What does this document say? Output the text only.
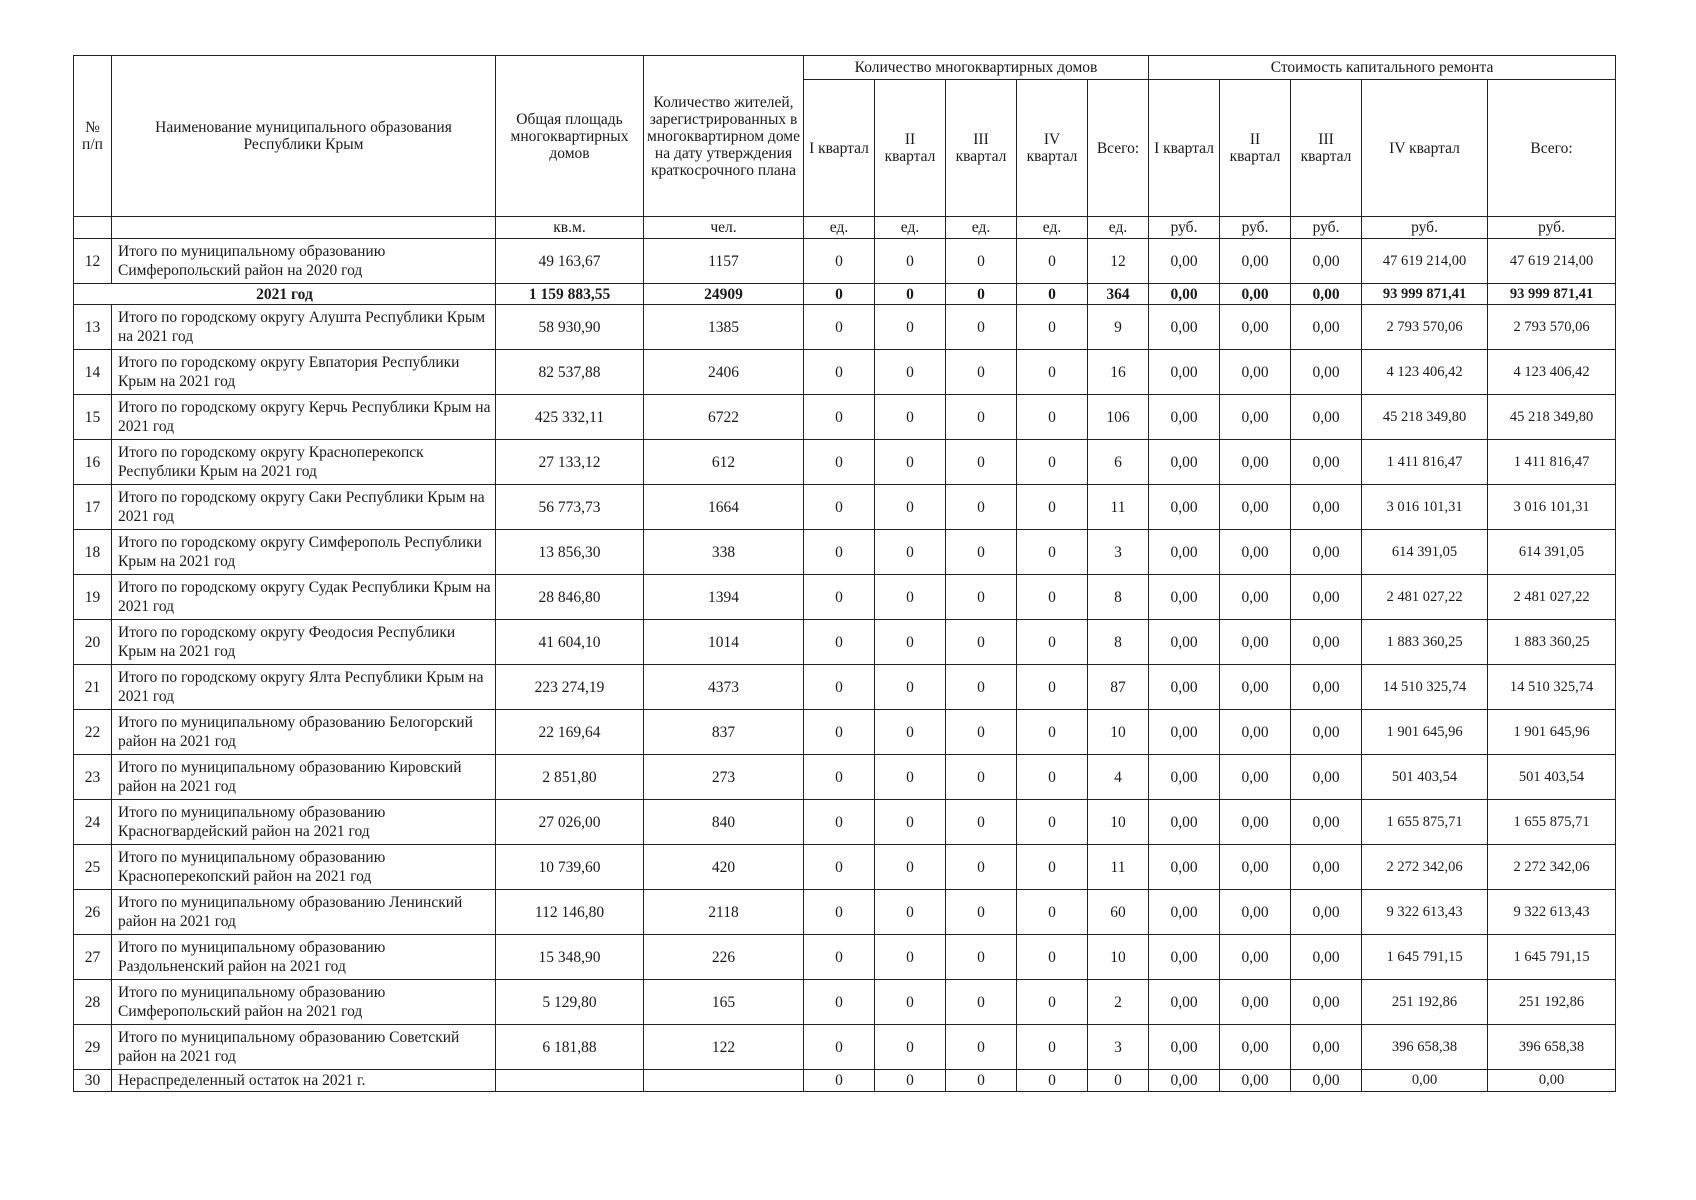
№ п/п	Наименование муниципального образования Республики Крым	Общая площадь многоквартирных домов	Количество жителей, зарегистрированных в многоквартирном доме на дату утверждения краткосрочного плана	Количество многоквартирных домов					Стоимость капитального ремонта				
				I квартал	II квартал	III квартал	IV квартал	Всего:	I квартал	II квартал	III квартал	IV квартал	Всего:
		кв.м.	чел.	ед.	ед.	ед.	ед.	ед.	руб.	руб.	руб.	руб.	руб.
12	Итого по муниципальному образованию Симферопольский район на 2020 год	49 163,67	1157	0	0	0	0	12	0,00	0,00	0,00	47 619 214,00	47 619 214,00
2021 год		1 159 883,55	24909	0	0	0	0	364	0,00	0,00	0,00	93 999 871,41	93 999 871,41
13	Итого по городскому округу Алушта Республики Крым на 2021 год	58 930,90	1385	0	0	0	0	9	0,00	0,00	0,00	2 793 570,06	2 793 570,06
14	Итого по городскому округу Евпатория Республики Крым на 2021 год	82 537,88	2406	0	0	0	0	16	0,00	0,00	0,00	4 123 406,42	4 123 406,42
15	Итого по городскому округу Керчь Республики Крым на 2021 год	425 332,11	6722	0	0	0	0	106	0,00	0,00	0,00	45 218 349,80	45 218 349,80
16	Итого по городскому округу Красноперекопск Республики Крым на 2021 год	27 133,12	612	0	0	0	0	6	0,00	0,00	0,00	1 411 816,47	1 411 816,47
17	Итого по городскому округу Саки Республики Крым на 2021 год	56 773,73	1664	0	0	0	0	11	0,00	0,00	0,00	3 016 101,31	3 016 101,31
18	Итого по городскому округу Симферополь Республики Крым на 2021 год	13 856,30	338	0	0	0	0	3	0,00	0,00	0,00	614 391,05	614 391,05
19	Итого по городскому округу Судак Республики Крым на 2021 год	28 846,80	1394	0	0	0	0	8	0,00	0,00	0,00	2 481 027,22	2 481 027,22
20	Итого по городскому округу Феодосия Республики Крым на 2021 год	41 604,10	1014	0	0	0	0	8	0,00	0,00	0,00	1 883 360,25	1 883 360,25
21	Итого по городскому округу Ялта Республики Крым на 2021 год	223 274,19	4373	0	0	0	0	87	0,00	0,00	0,00	14 510 325,74	14 510 325,74
22	Итого по муниципальному образованию Белогорский район на 2021 год	22 169,64	837	0	0	0	0	10	0,00	0,00	0,00	1 901 645,96	1 901 645,96
23	Итого по муниципальному образованию Кировский район на 2021 год	2 851,80	273	0	0	0	0	4	0,00	0,00	0,00	501 403,54	501 403,54
24	Итого по муниципальному образованию Красногвардейский район на 2021 год	27 026,00	840	0	0	0	0	10	0,00	0,00	0,00	1 655 875,71	1 655 875,71
25	Итого по муниципальному образованию Красноперекопский район на 2021 год	10 739,60	420	0	0	0	0	11	0,00	0,00	0,00	2 272 342,06	2 272 342,06
26	Итого по муниципальному образованию Ленинский район на 2021 год	112 146,80	2118	0	0	0	0	60	0,00	0,00	0,00	9 322 613,43	9 322 613,43
27	Итого по муниципальному образованию Раздольненский район на 2021 год	15 348,90	226	0	0	0	0	10	0,00	0,00	0,00	1 645 791,15	1 645 791,15
28	Итого по муниципальному образованию Симферопольский район на 2021 год	5 129,80	165	0	0	0	0	2	0,00	0,00	0,00	251 192,86	251 192,86
29	Итого по муниципальному образованию Советский район на 2021 год	6 181,88	122	0	0	0	0	3	0,00	0,00	0,00	396 658,38	396 658,38
30	Нераспределенный остаток на 2021 г.			0	0	0	0	0	0,00	0,00	0,00	0,00	0,00
